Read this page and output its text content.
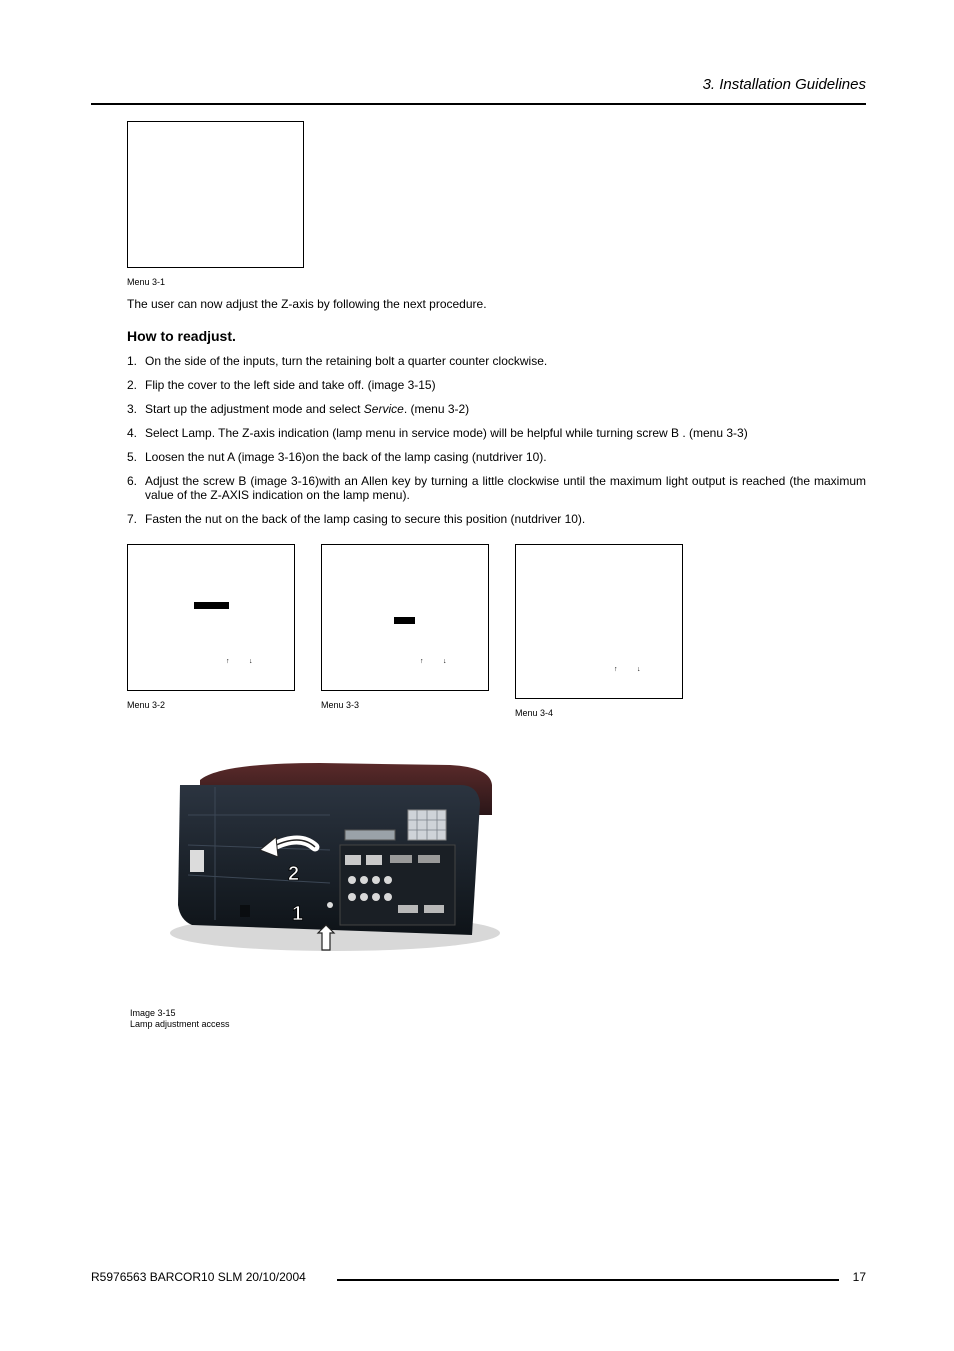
3. Installation Guidelines
Menu 3-1
The user can now adjust the Z-axis by following the next procedure.
How to readjust.
1. On the side of the inputs, turn the retaining bolt a quarter counter clockwise.
2. Flip the cover to the left side and take off. (image 3-15)
3. Start up the adjustment mode and select Service. (menu 3-2)
4. Select Lamp. The Z-axis indication (lamp menu in service mode) will be helpful while turning screw B . (menu 3-3)
5. Loosen the nut A (image 3-16)on the back of the lamp casing (nutdriver 10).
6. Adjust the screw B (image 3-16)with an Allen key by turning a little clockwise until the maximum light output is reached (the maximum value of the Z-AXIS indication on the lamp menu).
7. Fasten the nut on the back of the lamp casing to secure this position (nutdriver 10).
↑	↓
Menu 3-2
↑	↓
Menu 3-3
↑	↓
Menu 3-4
2
1
Image 3-15
Lamp adjustment access
R5976563 BARCOR10 SLM 20/10/2004	17
